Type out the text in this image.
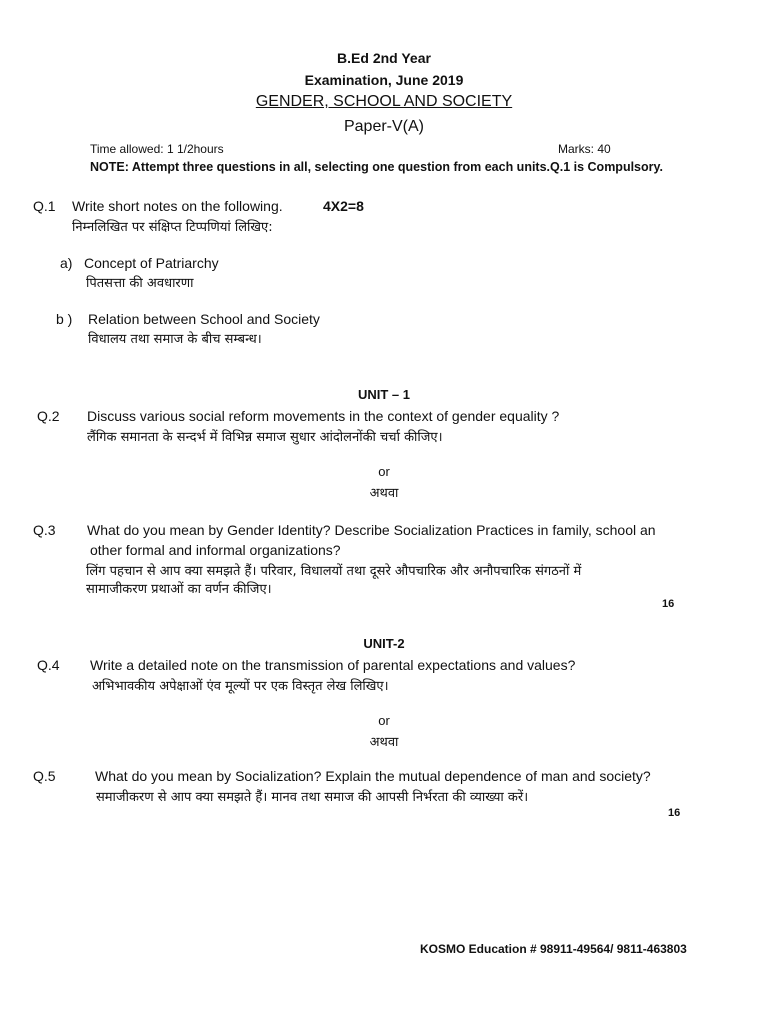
B.Ed 2nd Year
Examination, June 2019
GENDER, SCHOOL AND SOCIETY
Paper-V(A)
Time allowed: 1 1/2hours	Marks: 40
NOTE: Attempt three questions in all, selecting one question from each units.Q.1 is Compulsory.
Q.1 Write short notes on the following.	4X2=8
निम्नलिखित पर संक्षिप्त टिप्पणियां लिखिए:
a) Concept of Patriarchy
पितसत्ता की अवधारणा
b ) Relation between School and Society
विधालय तथा समाज के बीच सम्बन्ध।
UNIT – 1
Q.2 Discuss various social reform movements in the context of gender equality ?
लैंगिक समानता के सन्दर्भ में विभिन्न समाज सुधार आंदोलनोंकी चर्चा कीजिए।
or
अथवा
Q.3 What do you mean by Gender Identity? Describe Socialization Practices in family, school an
other formal and informal organizations?
लिंग पहचान से आप क्या समझते हैं। परिवार, विधालयों तथा दूसरे औपचारिक और अनौपचारिक संगठनों में
सामाजीकरण प्रथाओं का वर्णन कीजिए।
16
UNIT-2
Q.4 Write a detailed note on the transmission of parental expectations and values?
अभिभावकीय अपेक्षाओं एंव मूल्यों पर एक विस्तृत लेख लिखिए।
or
अथवा
Q.5	What do you mean by Socialization? Explain the mutual dependence of man and society?
समाजीकरण से आप क्या समझते हैं। मानव तथा समाज की आपसी निर्भरता की व्याख्या करें।
16
KOSMO Education # 98911-49564/ 9811-463803
